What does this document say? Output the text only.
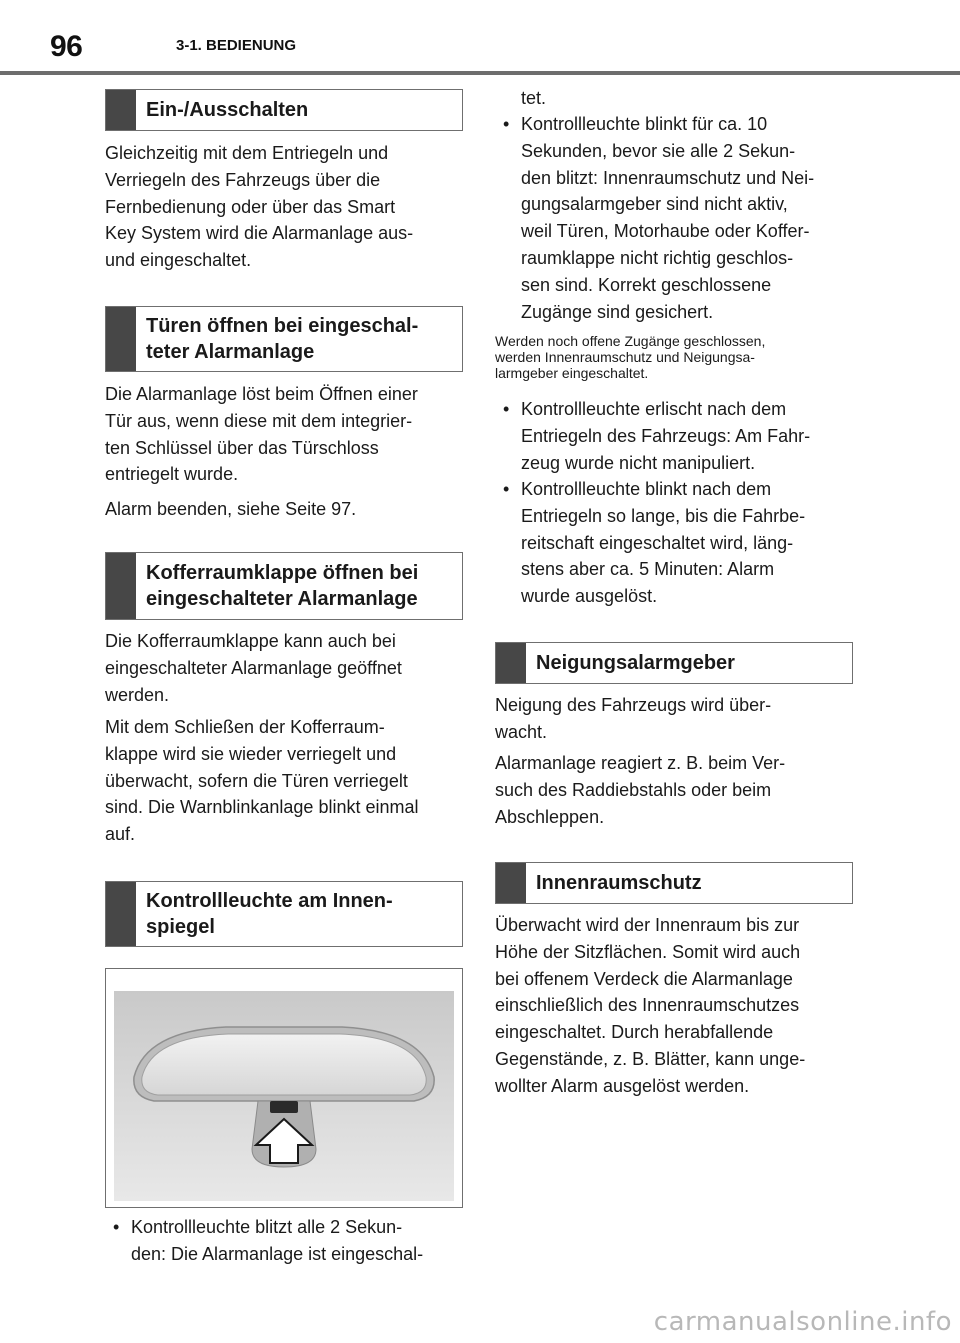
96	3-1. BEDIENUNG
Ein-/Ausschalten
Gleichzeitig mit dem Entriegeln und
Verriegeln des Fahrzeugs über die
Fernbedienung oder über das Smart
Key System wird die Alarmanlage aus-
und eingeschaltet.
Türen öffnen bei eingeschal-
teter Alarmanlage
Die Alarmanlage löst beim Öffnen einer
Tür aus, wenn diese mit dem integrier-
ten Schlüssel über das Türschloss
entriegelt wurde.
Alarm beenden, siehe Seite 97.
Kofferraumklappe öffnen bei
eingeschalteter Alarmanlage
Die Kofferraumklappe kann auch bei
eingeschalteter Alarmanlage geöffnet
werden.
Mit dem Schließen der Kofferraum-
klappe wird sie wieder verriegelt und
überwacht, sofern die Türen verriegelt
sind. Die Warnblinkanlage blinkt einmal
auf.
Kontrollleuchte am Innen-
spiegel
• Kontrollleuchte blitzt alle 2 Sekun-
den: Die Alarmanlage ist eingeschal-
tet.
• Kontrollleuchte blinkt für ca. 10
Sekunden, bevor sie alle 2 Sekun-
den blitzt: Innenraumschutz und Nei-
gungsalarmgeber sind nicht aktiv,
weil Türen, Motorhaube oder Koffer-
raumklappe nicht richtig geschlos-
sen sind. Korrekt geschlossene
Zugänge sind gesichert.
Werden noch offene Zugänge geschlossen,
werden Innenraumschutz und Neigungsa-
larmgeber eingeschaltet.
• Kontrollleuchte erlischt nach dem
Entriegeln des Fahrzeugs: Am Fahr-
zeug wurde nicht manipuliert.
• Kontrollleuchte blinkt nach dem
Entriegeln so lange, bis die Fahrbe-
reitschaft eingeschaltet wird, läng-
stens aber ca. 5 Minuten: Alarm
wurde ausgelöst.
Neigungsalarmgeber
Neigung des Fahrzeugs wird über-
wacht.
Alarmanlage reagiert z. B. beim Ver-
such des Raddiebstahls oder beim
Abschleppen.
Innenraumschutz
Überwacht wird der Innenraum bis zur
Höhe der Sitzflächen. Somit wird auch
bei offenem Verdeck die Alarmanlage
einschließlich des Innenraumschutzes
eingeschaltet. Durch herabfallende
Gegenstände, z. B. Blätter, kann unge-
wollter Alarm ausgelöst werden.
carmanualsonline.info
